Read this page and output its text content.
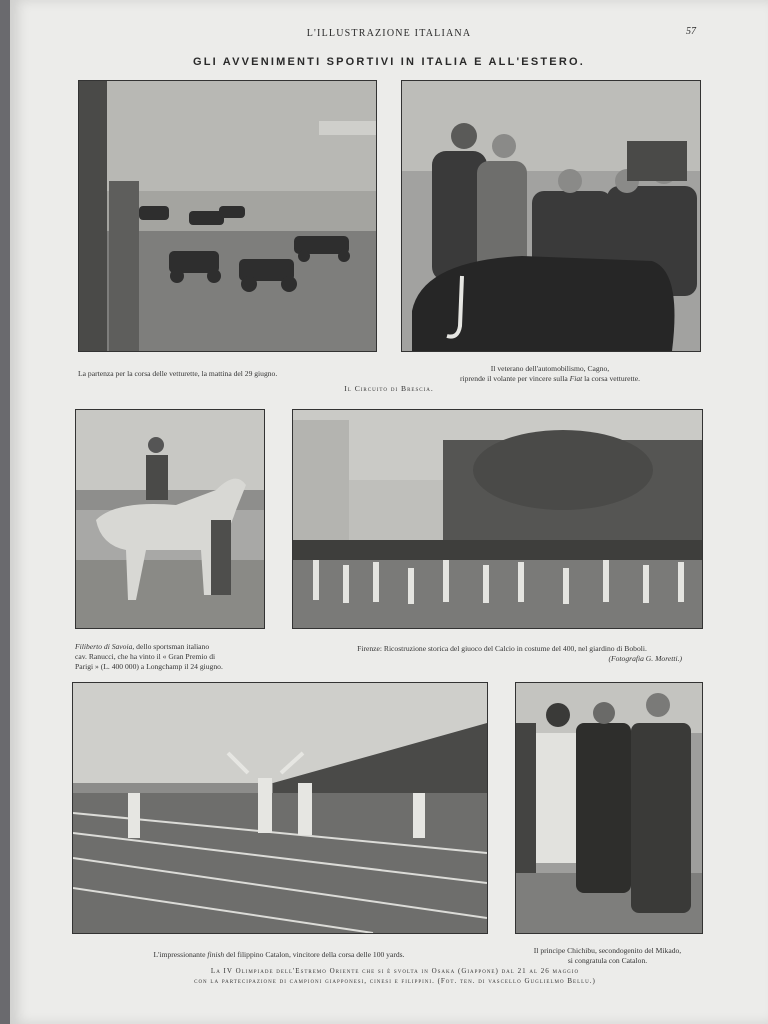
L'ILLUSTRAZIONE ITALIANA	57
GLI AVVENIMENTI SPORTIVI IN ITALIA E ALL'ESTERO.
La partenza per la corsa delle vetturette, la mattina del 29 giugno.
Il veterano dell'automobilismo, Cagno,
riprende il volante per vincere sulla Fiat la corsa vetturette.
Il Circuito di Brescia.
Filiberto di Savoia, dello sportsman italiano
cav. Ranucci, che ha vinto il « Gran Premio di
Parigi » (L. 400 000) a Longchamp il 24 giugno.
Firenze: Ricostruzione storica del giuoco del Calcio in costume del 400, nel giardino di Boboli.
(Fotografia G. Moretti.)
L'impressionante finish del filippino Catalon, vincitore della corsa delle 100 yards.	Il principe Chichibu, secondogenito del Mikado,
si congratula con Catalon.
La IV Olimpiade dell'Estremo Oriente che si è svolta in Osaka (Giappone) dal 21 al 26 maggio
con la partecipazione di campioni giapponesi, cinesi e filippini. (Fot. ten. di vascello Guglielmo Bellu.)
